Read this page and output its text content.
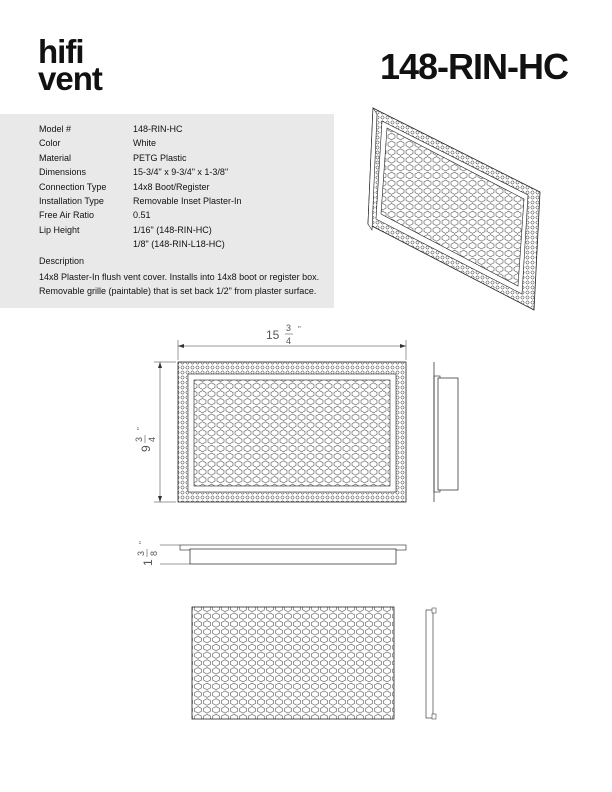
hifi
vent	148-RIN-HC
Model #	148-RIN-HC
Color	White
Material	PETG Plastic
Dimensions	15-3/4" x 9-3/4" x 1-3/8"
Connection Type	14x8 Boot/Register
Installation Type	Removable Inset Plaster-In
Free Air Ratio	0.51
Lip Height	1/16" (148-RIN-HC)
1/8" (148-RIN-L18-HC)
Description
14x8 Plaster-In flush vent cover. Installs into 14x8 boot or register box. Removable grille (paintable) that is set back 1/2" from plaster surface.
15 3
4
"
9
3 4
"
1
3 8
"
